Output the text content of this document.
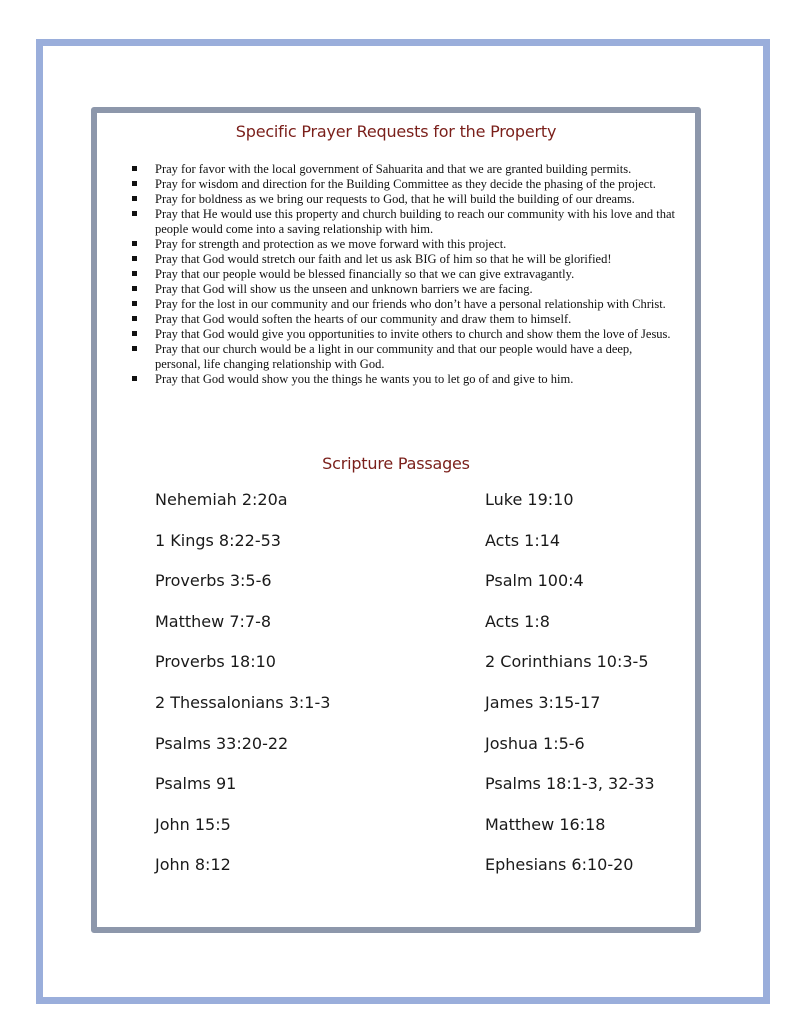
Specific Prayer Requests for the Property
Pray for favor with the local government of Sahuarita and that we are granted building permits.
Pray for wisdom and direction for the Building Committee as they decide the phasing of the project.
Pray for boldness as we bring our requests to God, that he will build the building of our dreams.
Pray that He would use this property and church building to reach our community with his love and that people would come into a saving relationship with him.
Pray for strength and protection as we move forward with this project.
Pray that God would stretch our faith and let us ask BIG of him so that he will be glorified!
Pray that our people would be blessed financially so that we can give extravagantly.
Pray that God will show us the unseen and unknown barriers we are facing.
Pray for the lost in our community and our friends who don’t have a personal relationship with Christ.
Pray that God would soften the hearts of our community and draw them to himself.
Pray that God would give you opportunities to invite others to church and show them the love of Jesus.
Pray that our church would be a light in our community and that our people would have a deep, personal, life changing relationship with God.
Pray that God would show you the things he wants you to let go of and give to him.
Scripture Passages
Nehemiah 2:20a	Luke 19:10
1 Kings 8:22-53	Acts 1:14
Proverbs 3:5-6	Psalm 100:4
Matthew 7:7-8	Acts 1:8
Proverbs 18:10	2 Corinthians 10:3-5
2 Thessalonians 3:1-3	James 3:15-17
Psalms 33:20-22	Joshua 1:5-6
Psalms 91	Psalms 18:1-3, 32-33
John 15:5	Matthew 16:18
John 8:12	Ephesians 6:10-20
